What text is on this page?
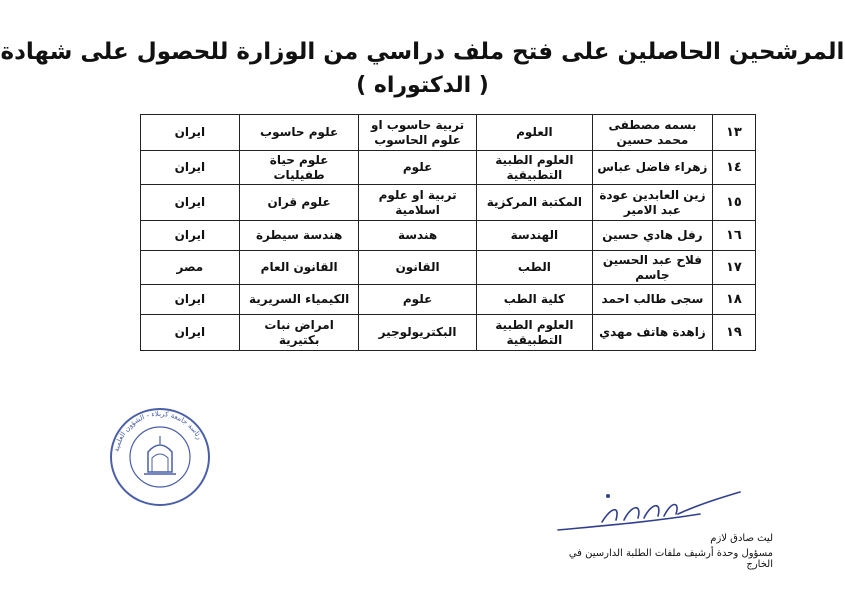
المرشحين الحاصلين على فتح ملف دراسي من الوزارة للحصول على شهادة
( الدكتوراه )
١٣	بسمه مصطفى محمد حسين	العلوم	تربية حاسوب او علوم الحاسوب	علوم حاسوب	ايران
١٤	زهراء فاضل عباس	العلوم الطبية التطبيقية	علوم	علوم حياة طفيليات	ايران
١٥	زين العابدين عودة عبد الامير	المكتبة المركزية	تربية او علوم اسلامية	علوم قران	ايران
١٦	رفل هادي حسين	الهندسة	هندسة	هندسة سيطرة	ايران
١٧	فلاح عبد الحسين جاسم	الطب	القانون	القانون العام	مصر
١٨	سجى طالب احمد	كلية الطب	علوم	الكيمياء السريرية	ايران
١٩	زاهدة هاتف مهدي	العلوم الطبية التطبيقية	البكتريولوجير	امراض نبات بكتيرية	ايران
رئاسة جامعة كربلاء - الشؤون العلمية
ليث صادق لازم
مسؤول وحدة أرشيف ملفات الطلبة الدارسين في الخارج
